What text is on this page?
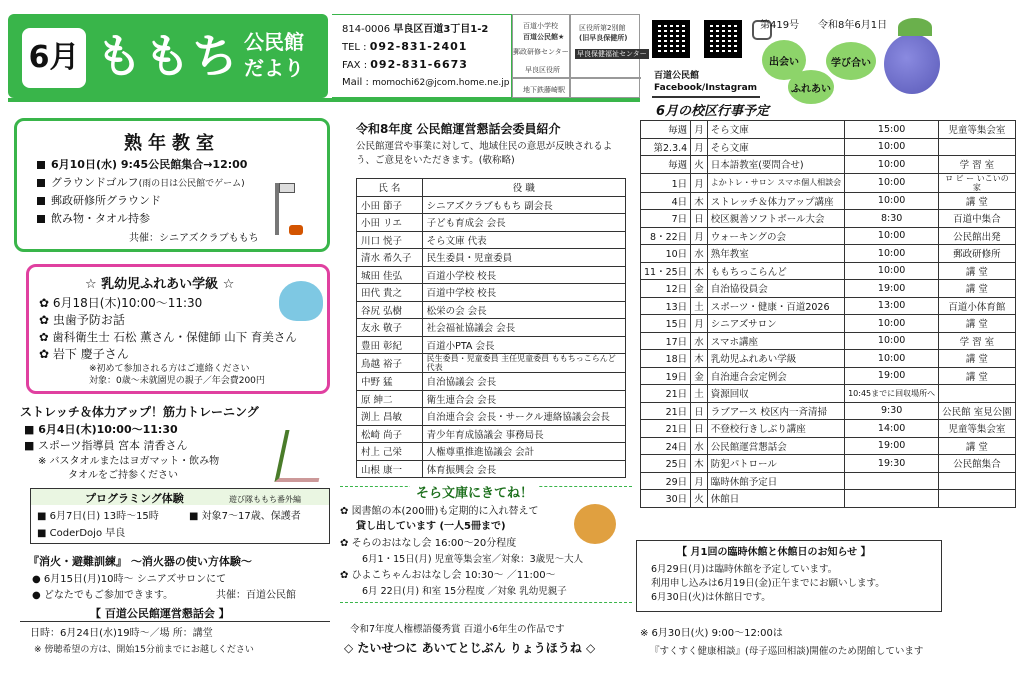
6月 ももち 公民館
だより
814-0006 早良区百道3丁目1-2
TEL : 092-831-2401
FAX : 092-831-6673
Mail : momochi62@jcom.home.ne.jp
百道小学校
百道公民館★
郵政研修センター
早良区役所
区役所第2別館
(旧早良保健所)
早良保健福祉センター
地下鉄藤崎駅
第419号 令和8年6月1日
百道公民館
Facebook/Instagram
出会い	学び合い
ふれあい
熟年教室
6月10日(水) 9:45公民館集合→12:00
グラウンドゴルフ(雨の日は公民館でゲーム)
郵政研修所グラウンド
飲み物・タオル持参
共催：シニアズクラブももち
☆ 乳幼児ふれあい学級 ☆
✿ 6月18日(木)10:00～11:30
✿ 虫歯予防お話
✿ 歯科衛生士 石松 薫さん・保健師 山下 育美さん
✿ 岩下 慶子さん
※初めて参加される方はご連絡ください
対象：0歳～未就園児の親子／年会費200円
ストレッチ＆体力アップ！筋力トレーニング
■ 6月4日(木)10:00～11:30
■ スポーツ指導員 宮本 清香さん
※ バスタオルまたはヨガマット・飲み物
タオルをご持参ください
プログラミング体験	遊び隊ももち番外編
■ 6月7日(日) 13時～15時	■ 対象7～17歳、保護者
■ CoderDojo 早良
『消火・避難訓練』 ～消火器の使い方体験～
● 6月15日(月)10時～ シニアズサロンにて
● どなたでもご参加できます。	共催：百道公民館
【 百道公民館運営懇話会 】
日時：6月24日(水)19時～／場 所：講堂
※ 傍聴希望の方は、開始15分前までにお越しください
令和8年度 公民館運営懇話会委員紹介
公民館運営や事業に対して、地域住民の意思が反映されるよう、ご意見をいただきます。(敬称略)
氏 名	役 職
小田 節子	シニアズクラブももち 副会長
小田 リエ	子ども育成会 会長
川口 悦子	そら文庫 代表
清水 希久子	民生委員・児童委員
城田 佳弘	百道小学校 校長
田代 貴之	百道中学校 校長
谷尻 弘樹	松栄の会 会長
友永 敬子	社会福祉協議会 会長
豊田 彰紀	百道小PTA 会長
鳥越 裕子	民生委員・児童委員 主任児童委員 ももちっこらんど代表
中野 猛	自治協議会 会長
原 紳二	衛生連合会 会長
渕上 昌敏	自治連合会 会長・サークル連絡協議会会長
松崎 尚子	青少年育成協議会 事務局長
村上 己栄	人権尊重推進協議会 会計
山根 康一	体育振興会 会長
そら文庫にきてね！
✿ 図書館の本(200冊)も定期的に入れ替えて
貸し出しています (一人5冊まで)
✿ そらのおはなし会 16:00～20分程度
6月1・15日(月) 児童等集会室／対象：3歳児～大人
✿ ひよこちゃんおはなし会 10:30～ ／11:00～
6月 22日(月) 和室 15分程度 ／対象 乳幼児親子
令和7年度人権標語優秀賞 百道小6年生の作品です
◇ たいせつに あいてとじぶん りょうほうね ◇
6月の校区行事予定
毎週	月	そら文庫	15:00	児童等集会室
第2.3.4	月	そら文庫	10:00	
毎週	火	日本語教室(要問合せ)	10:00	学 習 室
1日	月	よかトレ・サロン スマホ個人相談会	10:00	ロ ビ ー いこいの家
4日	木	ストレッチ＆体力アップ講座	10:00	講 堂
7日	日	校区親善ソフトボール大会	8:30	百道中集合
8・22日	月	ウォーキングの会	10:00	公民館出発
10日	水	熟年教室	10:00	郵政研修所
11・25日	木	ももちっこらんど	10:00	講 堂
12日	金	自治協役員会	19:00	講 堂
13日	土	スポーツ・健康・百道2026	13:00	百道小体育館
15日	月	シニアズサロン	10:00	講 堂
17日	水	スマホ講座	10:00	学 習 室
18日	木	乳幼児ふれあい学級	10:00	講 堂
19日	金	自治連合会定例会	19:00	講 堂
21日	土	資源回収	10:45までに回収場所へ	
21日	日	ラブアース 校区内一斉清掃	9:30	公民館 室見公園
21日	日	不登校行きしぶり講座	14:00	児童等集会室
24日	水	公民館運営懇話会	19:00	講 堂
25日	木	防犯パトロール	19:30	公民館集合
29日	月	臨時休館予定日		
30日	火	休館日		
【 月1回の臨時休館と休館日のお知らせ 】
6月29日(月)は臨時休館を予定しています。
利用申し込みは6月19日(金)正午までにお願いします。
6月30日(火)は休館日です。
※ 6月30日(火) 9:00～12:00は
『すくすく健康相談』(母子巡回相談)開催のため閉館しています
